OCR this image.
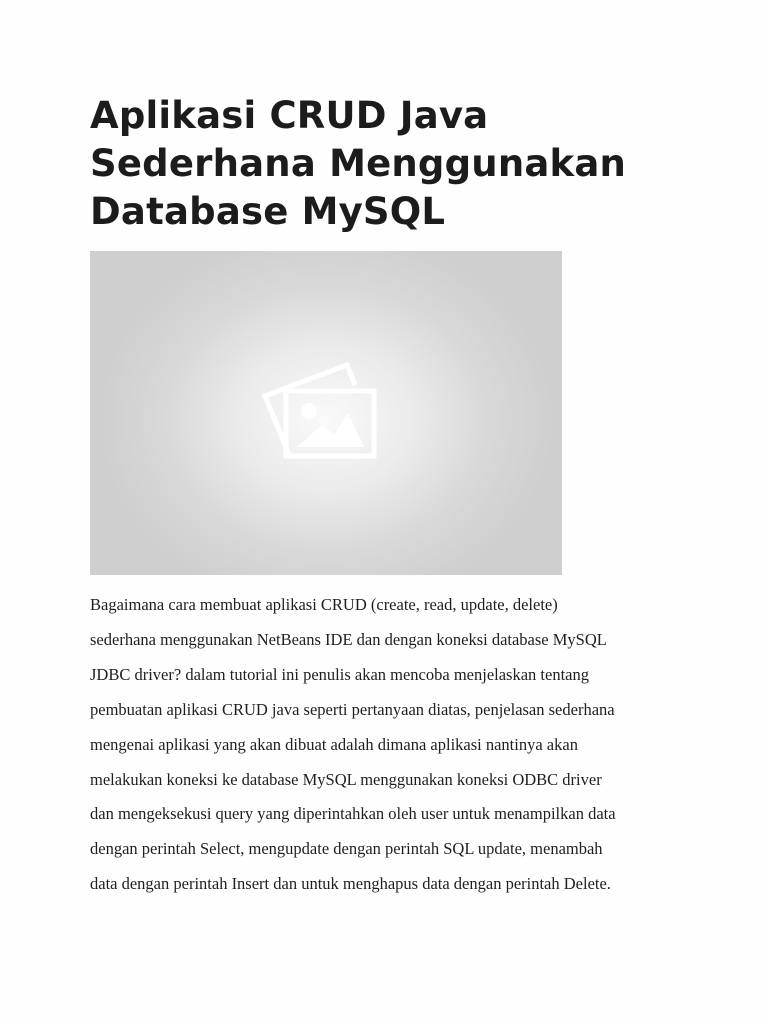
Aplikasi CRUD Java
Sederhana Menggunakan
Database MySQL

Bagaimana cara membuat aplikasi CRUD (create, read, update, delete)
sederhana menggunakan NetBeans IDE dan dengan koneksi database MySQL
JDBC driver? dalam tutorial ini penulis akan mencoba menjelaskan tentang
pembuatan aplikasi CRUD java seperti pertanyaan diatas, penjelasan sederhana
mengenai aplikasi yang akan dibuat adalah dimana aplikasi nantinya akan
melakukan koneksi ke database MySQL menggunakan koneksi ODBC driver
dan mengeksekusi query yang diperintahkan oleh user untuk menampilkan data
dengan perintah Select, mengupdate dengan perintah SQL update, menambah
data dengan perintah Insert dan untuk menghapus data dengan perintah Delete.
